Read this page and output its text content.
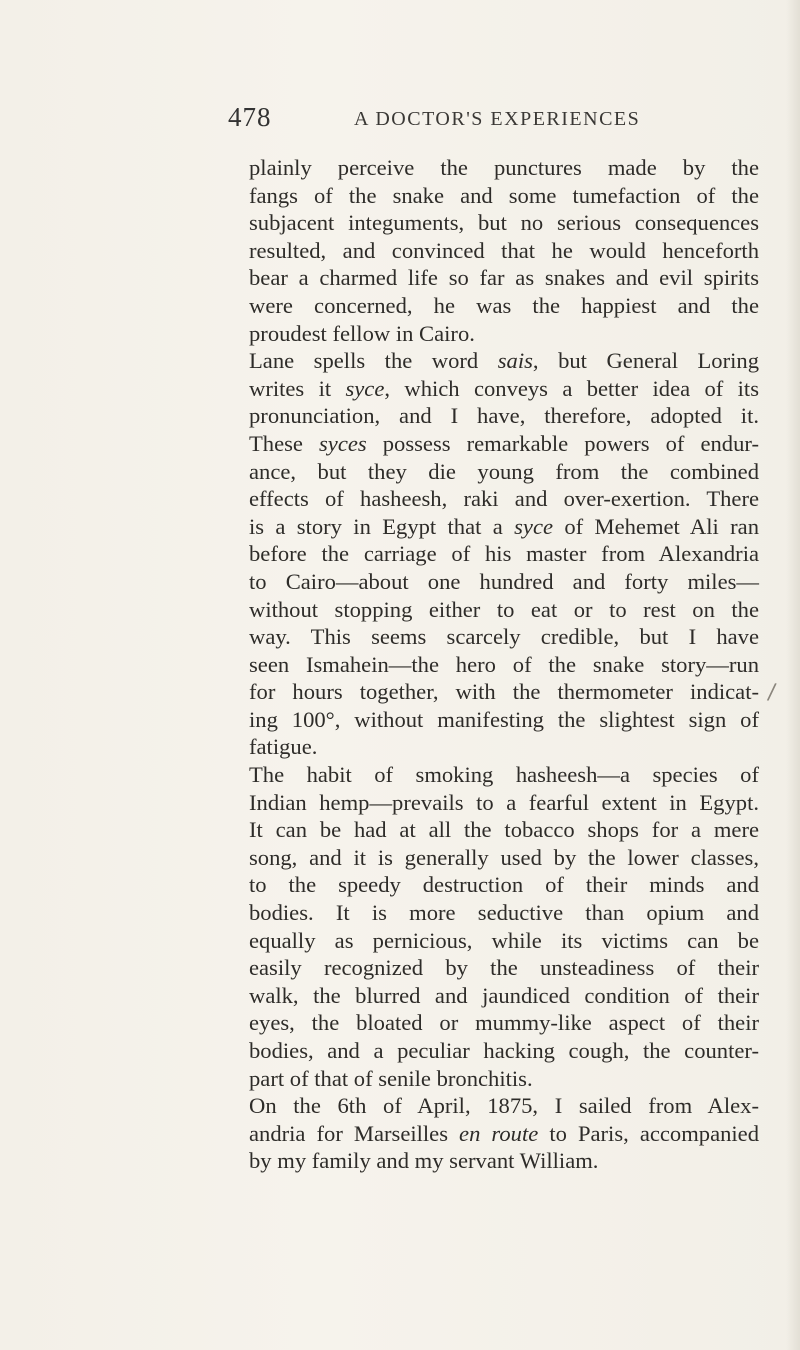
478	A DOCTOR'S EXPERIENCES
plainly perceive the punctures made by the
fangs of the snake and some tumefaction of the
subjacent integuments, but no serious consequences
resulted, and convinced that he would henceforth
bear a charmed life so far as snakes and evil spirits
were concerned, he was the happiest and the
proudest fellow in Cairo.
Lane spells the word sais, but General Loring
writes it syce, which conveys a better idea of its
pronunciation, and I have, therefore, adopted it.
These syces possess remarkable powers of endur-
ance, but they die young from the combined
effects of hasheesh, raki and over-exertion. There
is a story in Egypt that a syce of Mehemet Ali ran
before the carriage of his master from Alexandria
to Cairo—about one hundred and forty miles—
without stopping either to eat or to rest on the
way. This seems scarcely credible, but I have
seen Ismahein—the hero of the snake story—run
for hours together, with the thermometer indicat-
ing 100°, without manifesting the slightest sign of
fatigue.
The habit of smoking hasheesh—a species of
Indian hemp—prevails to a fearful extent in Egypt.
It can be had at all the tobacco shops for a mere
song, and it is generally used by the lower classes,
to the speedy destruction of their minds and
bodies. It is more seductive than opium and
equally as pernicious, while its victims can be
easily recognized by the unsteadiness of their
walk, the blurred and jaundiced condition of their
eyes, the bloated or mummy-like aspect of their
bodies, and a peculiar hacking cough, the counter-
part of that of senile bronchitis.
On the 6th of April, 1875, I sailed from Alex-
andria for Marseilles en route to Paris, accompanied
by my family and my servant William.
/
